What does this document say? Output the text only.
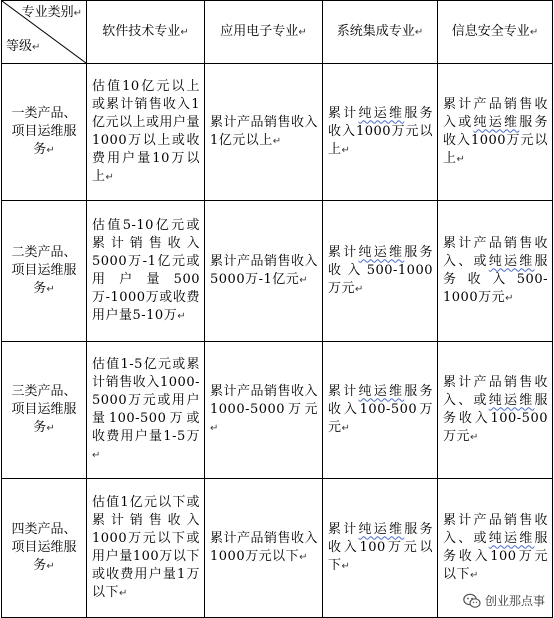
专业类别↵
等级↵	软件技术专业↵	应用电子专业↵	系统集成专业↵	信息安全专业↵
一类产品、项目运维服务↵	估值10亿元以上或累计销售收入1亿元以上或用户量1000万以上或收费用户量10万以上↵	累计产品销售收入1亿元以上↵	累计纯运维服务收入1000万元以上↵	累计产品销售收入或纯运维服务收入1000万元以上↵
二类产品、项目运维服务↵	估值5-10亿元或累计销售收入5000万-1亿元或用户量500万-1000万或收费用户量5-10万↵	累计产品销售收入5000万-1亿元↵	累计纯运维服务收入500-1000万元↵	累计产品销售收入、或纯运维服务收入500-1000万元↵
三类产品、项目运维服务↵	估值1-5亿元或累计销售收入1000-5000万元或用户量100-500万或收费用户量1-5万↵	累计产品销售收入1000-5000万元↵	累计纯运维服务收入100-500万元↵	累计产品销售收入、或纯运维服务收入100-500万元↵
四类产品、项目运维服务↵	估值1亿元以下或累计销售收入1000万元以下或用户量100万以下或收费用户量1万以下↵	累计产品销售收入1000万元以下↵	累计纯运维服务收入100万元以下↵	累计产品销售收入、或纯运维服务收入100万元以下↵
创业那点事
